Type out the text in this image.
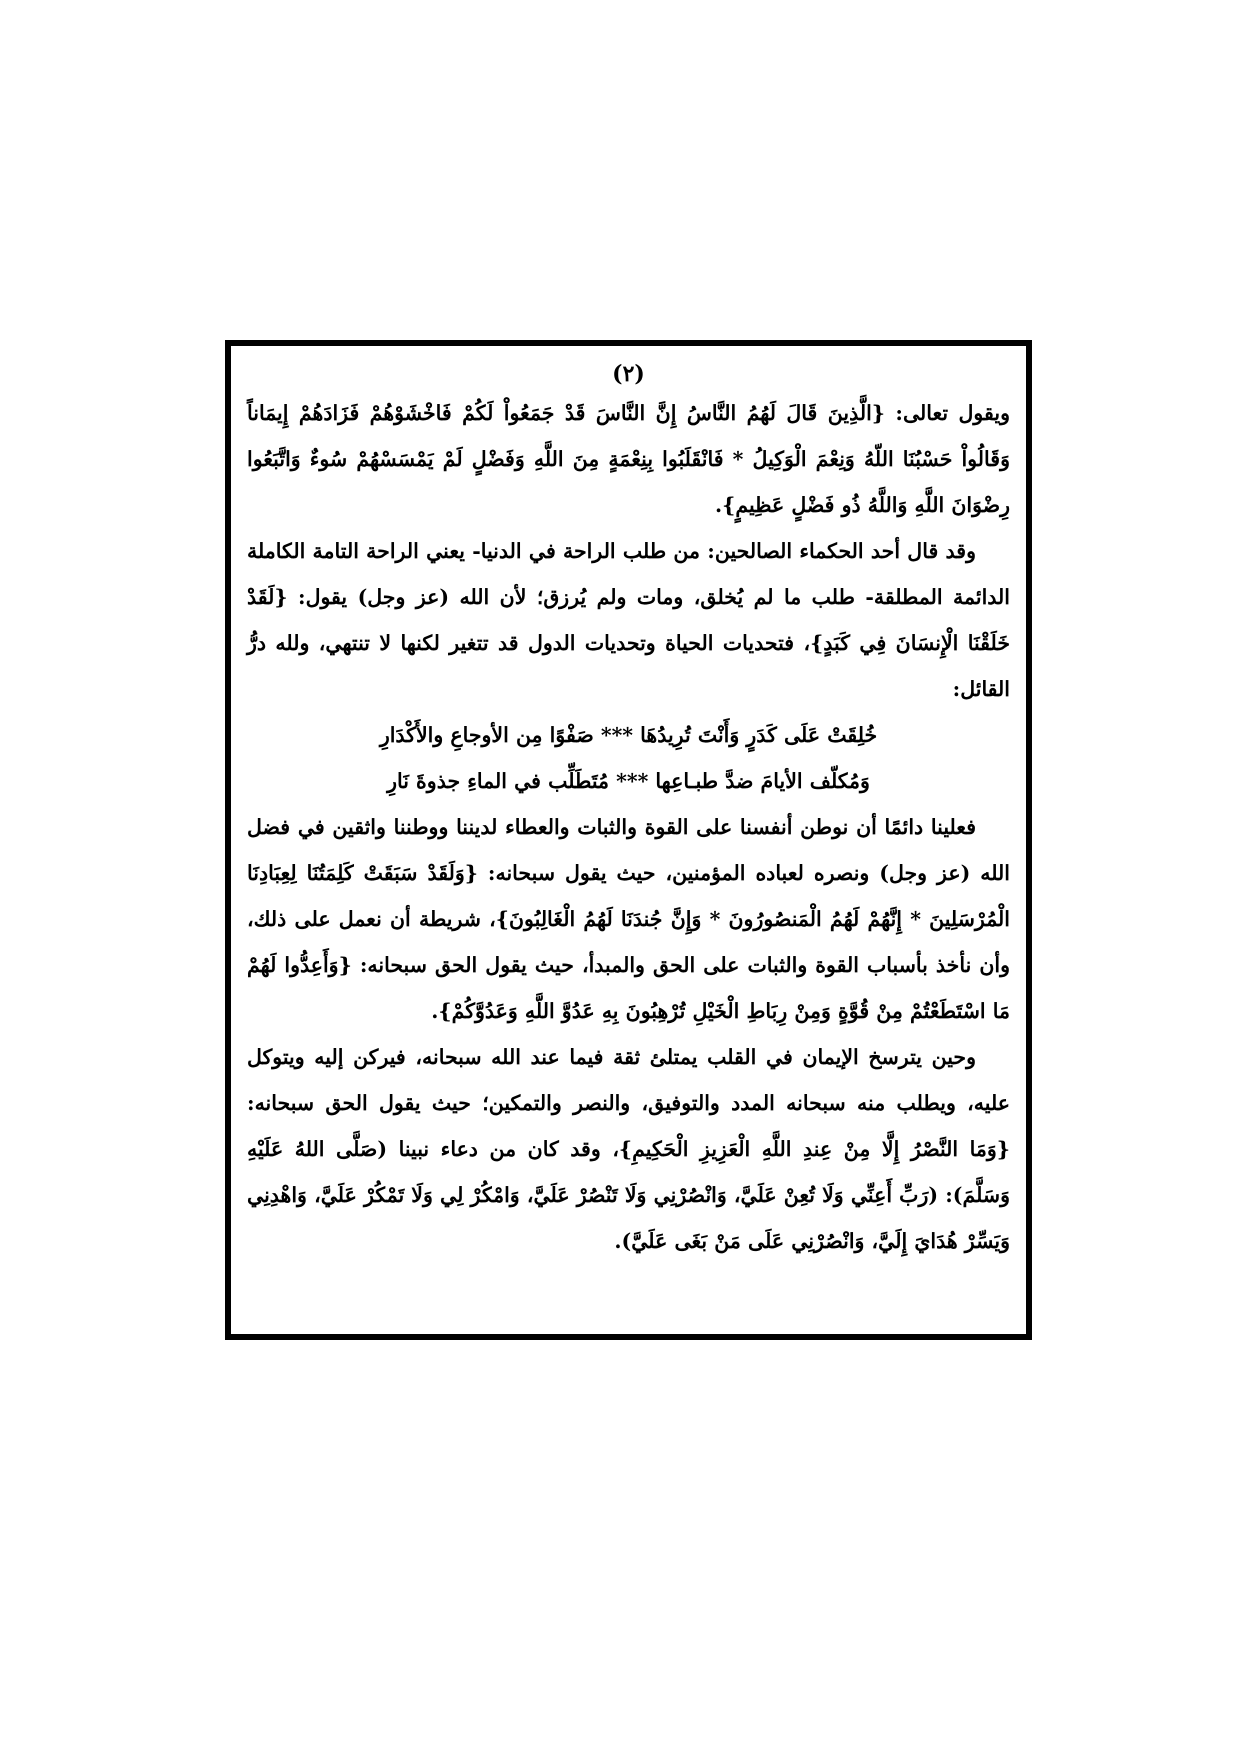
(٢)

ويقول تعالى: {الَّذِينَ قَالَ لَهُمُ النَّاسُ إِنَّ النَّاسَ قَدْ جَمَعُواْ لَكُمْ فَاخْشَوْهُمْ فَزَادَهُمْ إِيمَاناً وَقَالُواْ حَسْبُنَا اللّهُ وَنِعْمَ الْوَكِيلُ * فَانْقَلَبُوا بِنِعْمَةٍ مِنَ اللَّهِ وَفَضْلٍ لَمْ يَمْسَسْهُمْ سُوءٌ وَاتَّبَعُوا رِضْوَانَ اللَّهِ وَاللَّهُ ذُو فَضْلٍ عَظِيمٍ}.

وقد قال أحد الحكماء الصالحين: من طلب الراحة في الدنيا- يعني الراحة التامة الكاملة الدائمة المطلقة- طلب ما لم يُخلق، ومات ولم يُرزق؛ لأن الله (عز وجل) يقول: {لَقَدْ خَلَقْنَا الْإِنسَانَ فِي كَبَدٍ}، فتحديات الحياة وتحديات الدول قد تتغير لكنها لا تنتهي، ولله درُّ القائل:

خُلِقَتْ عَلَى كَدَرٍ وَأَنْتَ تُرِيدُهَا *** صَفْوًا مِن الأوجاعِ والأَكْدَارِ

وَمُكلّف الأيامَ ضدَّ طبـاعِها *** مُتَطَلِّب في الماءِ جذوةَ نَارِ

فعلينا دائمًا أن نوطن أنفسنا على القوة والثبات والعطاء لديننا ووطننا واثقين في فضل الله (عز وجل) ونصره لعباده المؤمنين، حيث يقول سبحانه: {وَلَقَدْ سَبَقَتْ كَلِمَتُنَا لِعِبَادِنَا الْمُرْسَلِينَ * إِنَّهُمْ لَهُمُ الْمَنصُورُونَ * وَإِنَّ جُندَنَا لَهُمُ الْغَالِبُونَ}، شريطة أن نعمل على ذلك، وأن نأخذ بأسباب القوة والثبات على الحق والمبدأ، حيث يقول الحق سبحانه: {وَأَعِدُّوا لَهُمْ مَا اسْتَطَعْتُمْ مِنْ قُوَّةٍ وَمِنْ رِبَاطِ الْخَيْلِ تُرْهِبُونَ بِهِ عَدُوَّ اللَّهِ وَعَدُوَّكُمْ}.

وحين يترسخ الإيمان في القلب يمتلئ ثقة فيما عند الله سبحانه، فيركن إليه ويتوكل عليه، ويطلب منه سبحانه المدد والتوفيق، والنصر والتمكين؛ حيث يقول الحق سبحانه: {وَمَا النَّصْرُ إِلَّا مِنْ عِندِ اللَّهِ الْعَزِيزِ الْحَكِيمِ}، وقد كان من دعاء نبينا (صَلَّى اللهُ عَلَيْهِ وَسَلَّمَ): (رَبِّ أَعِنِّي وَلَا تُعِنْ عَلَيَّ، وَانْصُرْنِي وَلَا تَنْصُرْ عَلَيَّ، وَامْكُرْ لِي وَلَا تَمْكُرْ عَلَيَّ، وَاهْدِنِي وَيَسِّرْ هُدَايَ إِلَيَّ، وَانْصُرْنِي عَلَى مَنْ بَغَى عَلَيَّ).
